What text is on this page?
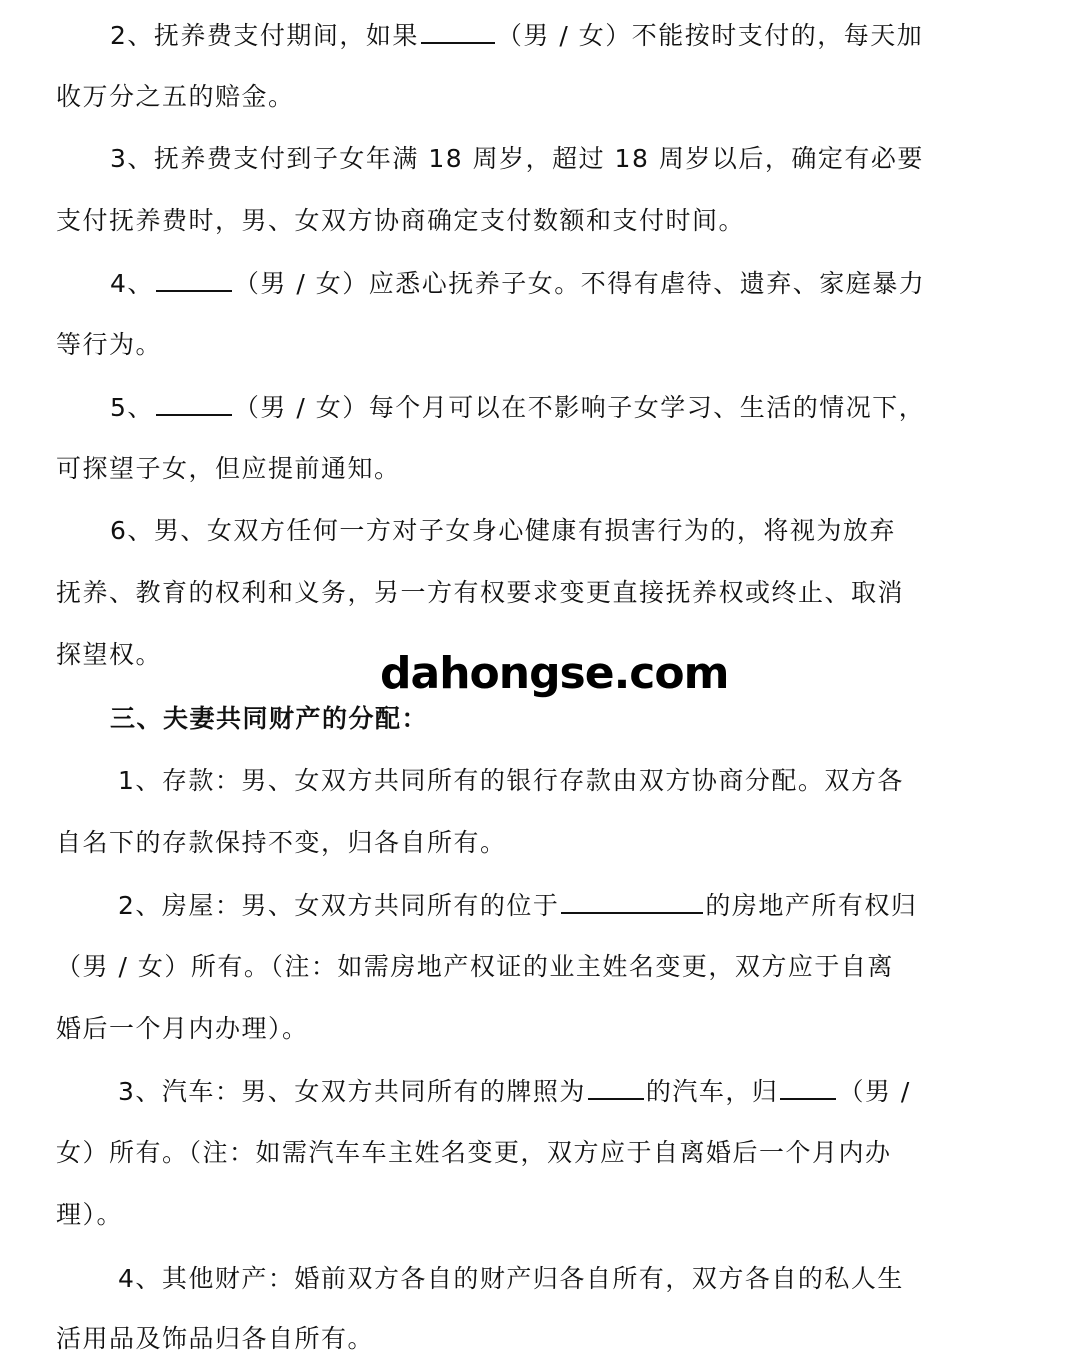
2、抚养费支付期间，如果	（男 / 女）不能按时支付的，每天加
收万分之五的赔金。
3、抚养费支付到子女年满 18 周岁，超过 18 周岁以后，确定有必要
支付抚养费时，男、女双方协商确定支付数额和支付时间。
4、	（男 / 女）应悉心抚养子女。不得有虐待、遗弃、家庭暴力
等行为。
5、	（男 / 女）每个月可以在不影响子女学习、生活的情况下，
可探望子女，但应提前通知。
6、男、女双方任何一方对子女身心健康有损害行为的，将视为放弃
抚养、教育的权利和义务，另一方有权要求变更直接抚养权或终止、取消
探望权。
三、夫妻共同财产的分配：
1、存款：男、女双方共同所有的银行存款由双方协商分配。双方各
自名下的存款保持不变，归各自所有。
2、房屋：男、女双方共同所有的位于	的房地产所有权归
（男 / 女）所有。（注：如需房地产权证的业主姓名变更，双方应于自离
婚后一个月内办理）。
3、汽车：男、女双方共同所有的牌照为 的汽车，归 （男 /
女）所有。（注：如需汽车车主姓名变更，双方应于自离婚后一个月内办
理）。
4、其他财产：婚前双方各自的财产归各自所有，双方各自的私人生
活用品及饰品归各自所有。
dahongse.com
